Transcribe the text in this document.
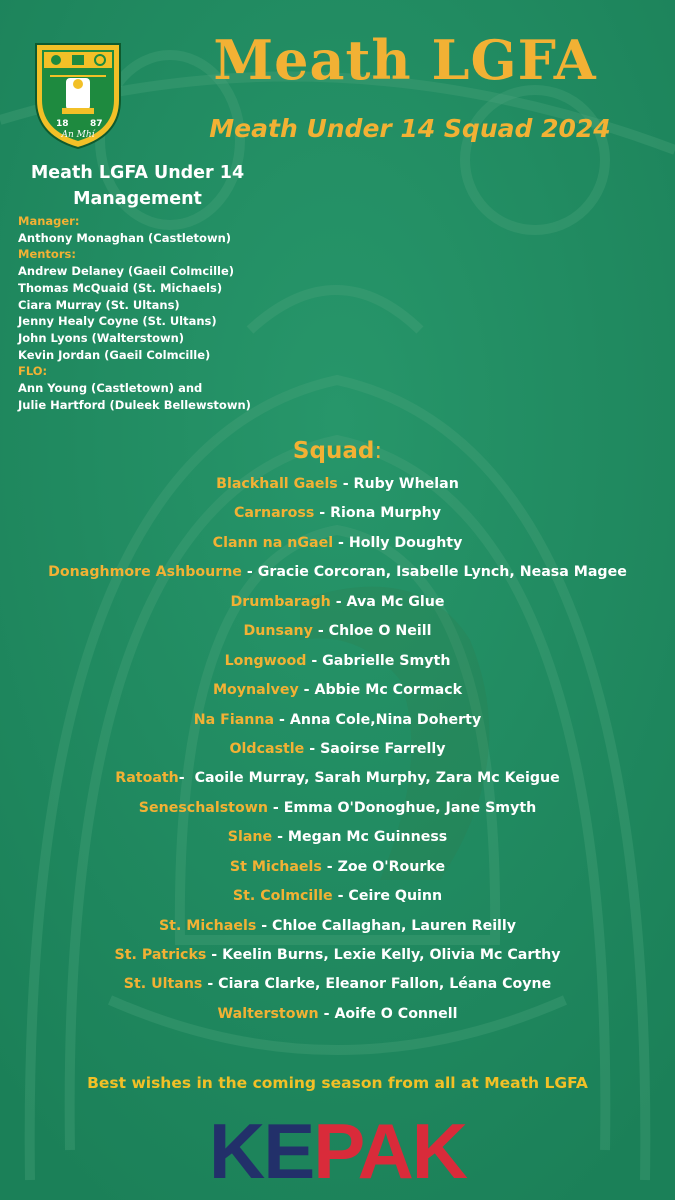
18 87
An Mhí
Meath LGFA
Meath Under 14 Squad 2024
Meath LGFA Under 14 Management
Manager:
Anthony Monaghan (Castletown)
Mentors:
Andrew Delaney (Gaeil Colmcille)
Thomas McQuaid (St. Michaels)
Ciara Murray (St. Ultans)
Jenny Healy Coyne (St. Ultans)
John Lyons (Walterstown)
Kevin Jordan (Gaeil Colmcille)
FLO:
Ann Young (Castletown) and
Julie Hartford (Duleek Bellewstown)
Squad:
Blackhall Gaels - Ruby Whelan
Carnaross - Riona Murphy
Clann na nGael - Holly Doughty
Donaghmore Ashbourne - Gracie Corcoran, Isabelle Lynch, Neasa Magee
Drumbaragh - Ava Mc Glue
Dunsany - Chloe O Neill
Longwood - Gabrielle Smyth
Moynalvey - Abbie Mc Cormack
Na Fianna - Anna Cole,Nina Doherty
Oldcastle - Saoirse Farrelly
Ratoath-  Caoile Murray, Sarah Murphy, Zara Mc Keigue
Seneschalstown - Emma O'Donoghue, Jane Smyth
Slane - Megan Mc Guinness
St Michaels - Zoe O'Rourke
St. Colmcille - Ceire Quinn
St. Michaels - Chloe Callaghan, Lauren Reilly
St. Patricks - Keelin Burns, Lexie Kelly, Olivia Mc Carthy
St. Ultans - Ciara Clarke, Eleanor Fallon, Léana Coyne
Walterstown - Aoife O Connell
Best wishes in the coming season from all at Meath LGFA
KEPAK
